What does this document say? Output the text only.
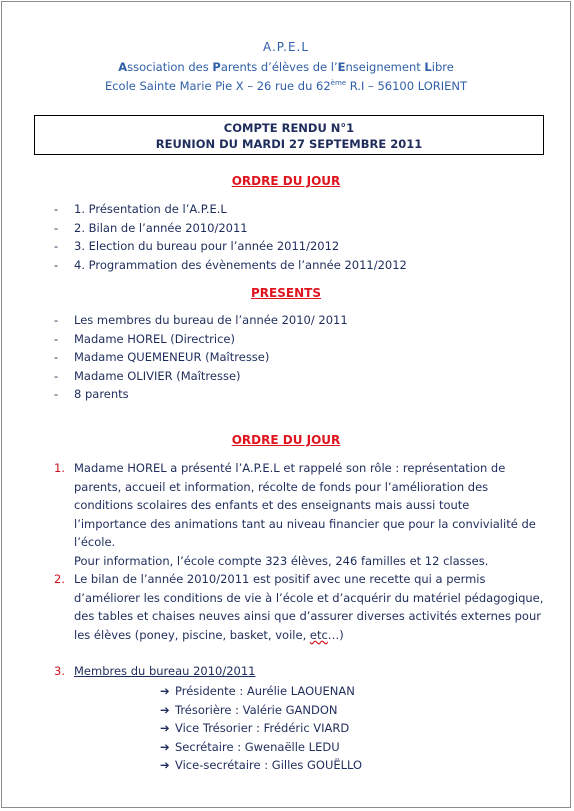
A.P.E.L
Association des Parents d’élèves de l’Enseignement Libre
Ecole Sainte Marie Pie X – 26 rue du 62ème R.I – 56100 LORIENT
COMPTE RENDU N°1
REUNION DU MARDI 27 SEPTEMBRE 2011
ORDRE DU JOUR
- 1. Présentation de l’A.P.E.L
- 2. Bilan de l’année 2010/2011
- 3. Election du bureau pour l’année 2011/2012
- 4. Programmation des évènements de l’année 2011/2012
PRESENTS
- Les membres du bureau de l’année 2010/ 2011
- Madame HOREL (Directrice)
- Madame QUEMENEUR (Maîtresse)
- Madame OLIVIER (Maîtresse)
- 8 parents
ORDRE DU JOUR
1. Madame HOREL a présenté l’A.P.E.L et rappelé son rôle : représentation de parents, accueil et information, récolte de fonds pour l’amélioration des conditions scolaires des enfants et des enseignants mais aussi toute l’importance des animations tant au niveau financier que pour la convivialité de l’école.
Pour information, l’école compte 323 élèves, 246 familles et 12 classes.
2. Le bilan de l’année 2010/2011 est positif avec une recette qui a permis d’améliorer les conditions de vie à l’école et d’acquérir du matériel pédagogique, des tables et chaises neuves ainsi que d’assurer diverses activités externes pour les élèves (poney, piscine, basket, voile, etc…)
3. Membres du bureau 2010/2011
➔ Présidente : Aurélie LAOUENAN
➔ Trésorière : Valérie GANDON
➔ Vice Trésorier : Frédéric VIARD
➔ Secrétaire : Gwenaëlle LEDU
➔ Vice-secrétaire : Gilles GOUËLLO
